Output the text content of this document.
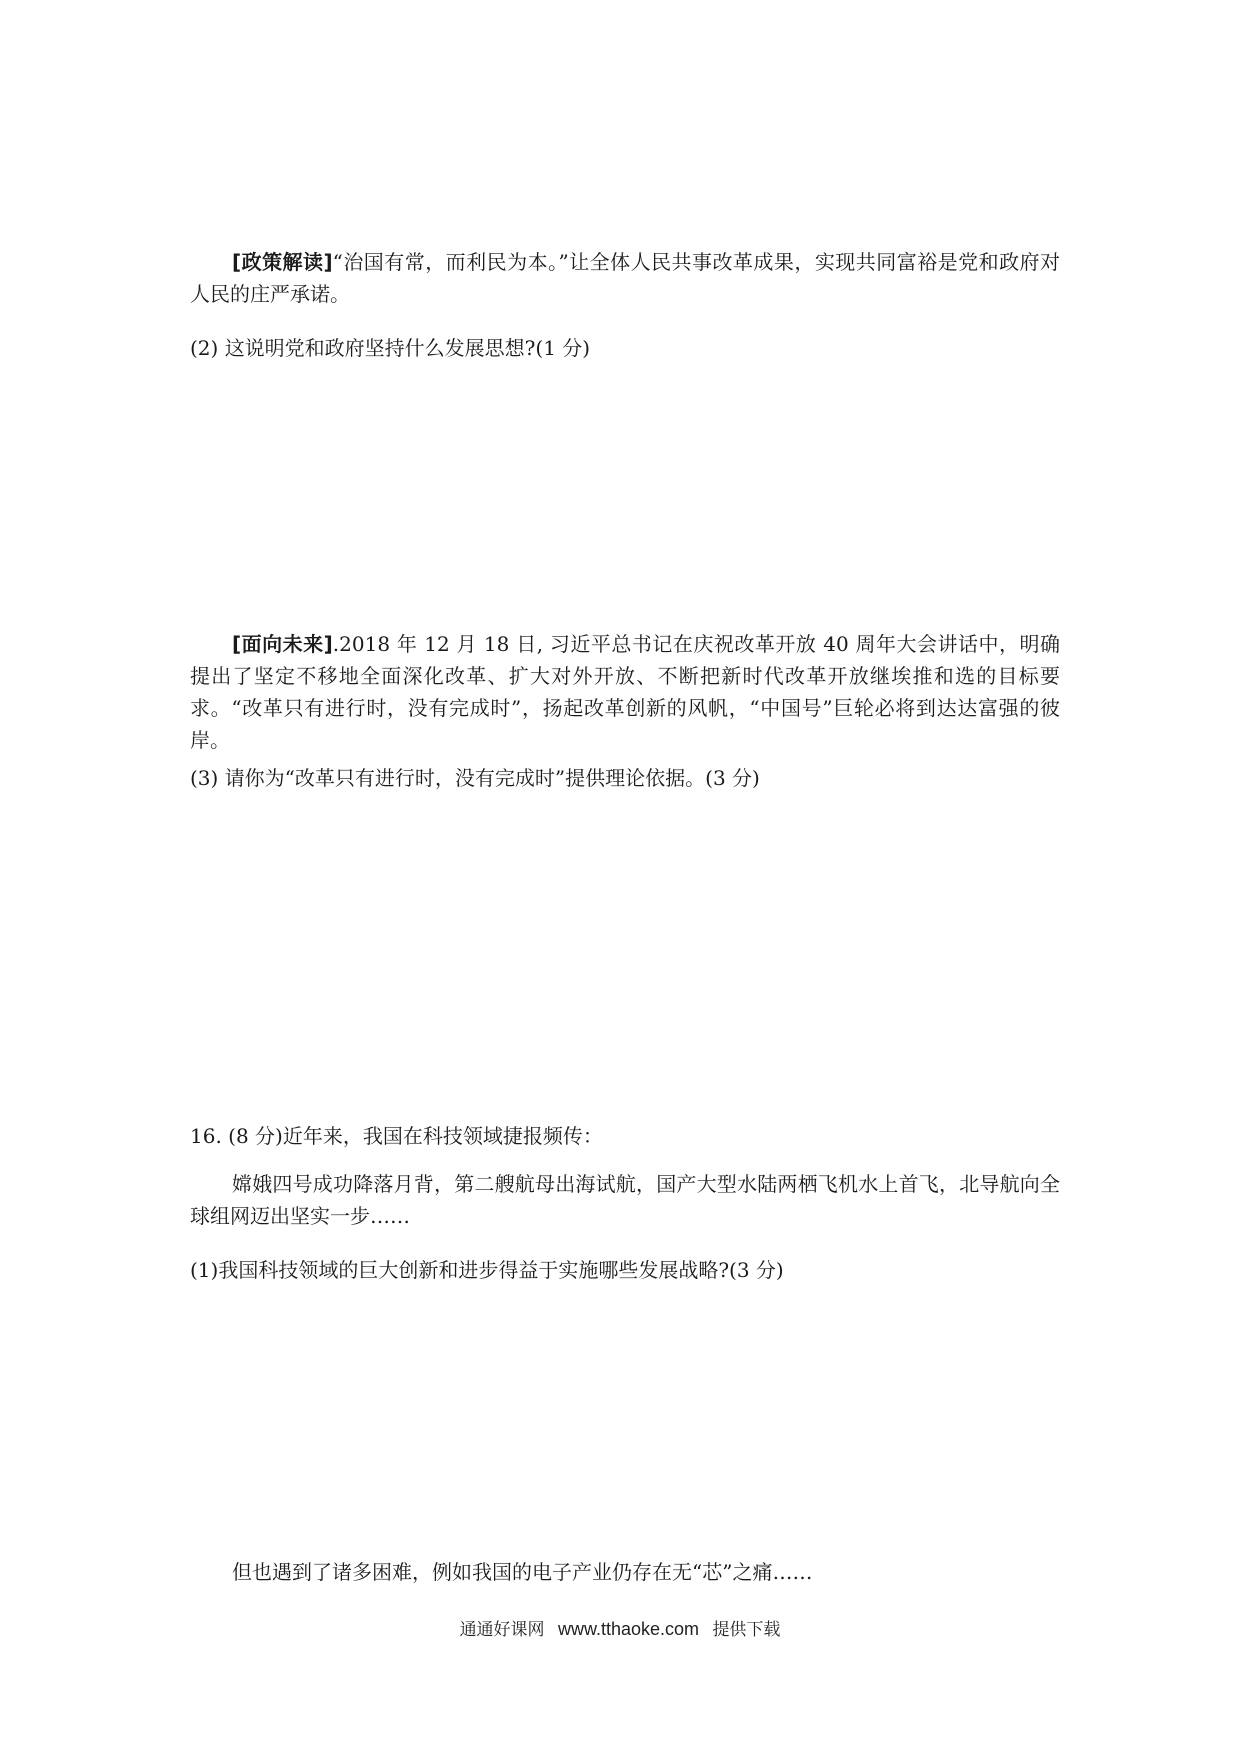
[政策解读]“治国有常，而利民为本。”让全体人民共事改革成果，实现共同富裕是党和政府对人民的庄严承诺。

(2) 这说明党和政府坚持什么发展思想?(1 分)

[面向未来].2018 年 12 月 18 日, 习近平总书记在庆祝改革开放 40 周年大会讲话中，明确提出了坚定不移地全面深化改革、扩大对外开放、不断把新时代改革开放继埃推和选的目标要求。“改革只有进行时，没有完成时”，扬起改革创新的风帆，“中国号”巨轮必将到达达富强的彼岸。

(3) 请你为“改革只有进行时，没有完成时”提供理论依据。(3 分)

16. (8 分)近年来，我国在科技领域捷报频传：

嫦娥四号成功降落月背，第二艘航母出海试航，国产大型水陆两栖飞机水上首飞，北导航向全球组网迈出坚实一步……

(1)我国科技领域的巨大创新和进步得益于实施哪些发展战略?(3 分)

但也遇到了诸多困难，例如我国的电子产业仍存在无“芯”之痛……

通通好课网 www.tthaoke.com 提供下载
